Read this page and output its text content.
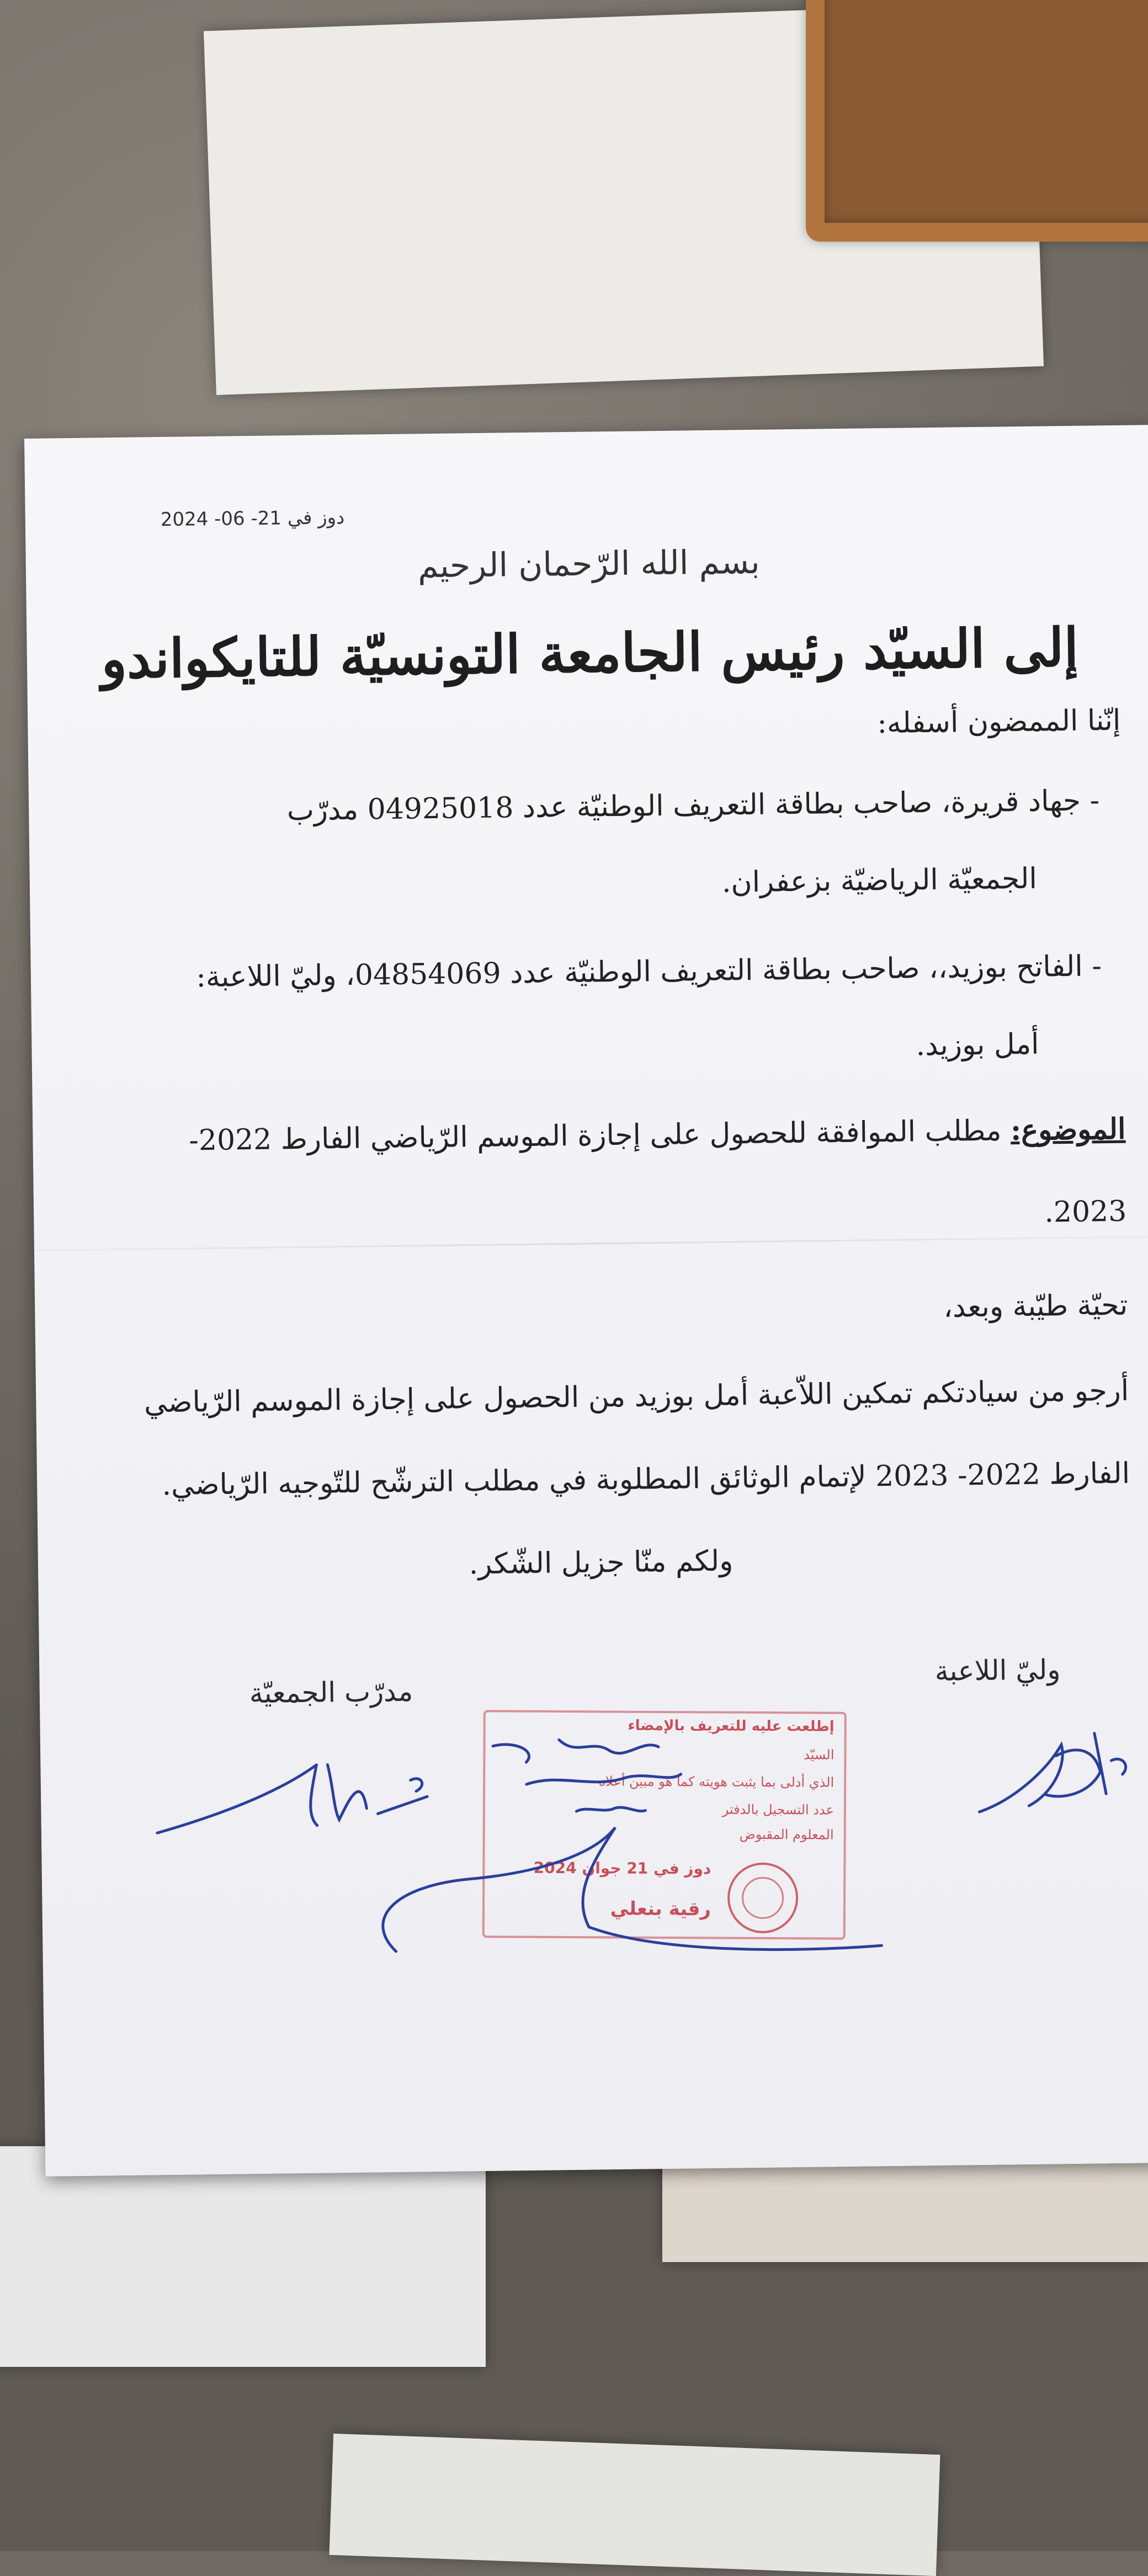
دوز في 21- 06- 2024
بسم الله الرّحمان الرحيم
إلى السيّد رئيس الجامعة التونسيّة للتايكواندو
إنّنا الممضون أسفله:
- جهاد قريرة، صاحب بطاقة التعريف الوطنيّة عدد 04925018 مدرّب
الجمعيّة الرياضيّة بزعفران.
- الفاتح بوزيد،، صاحب بطاقة التعريف الوطنيّة عدد 04854069، وليّ اللاعبة:
أمل بوزيد.
الموضوع: مطلب الموافقة للحصول على إجازة الموسم الرّياضي الفارط 2022-
2023.
تحيّة طيّبة وبعد،
أرجو من سيادتكم تمكين اللاّعبة أمل بوزيد من الحصول على إجازة الموسم الرّياضي
الفارط 2022- 2023 لإتمام الوثائق المطلوبة في مطلب الترشّح للتّوجيه الرّياضي.
ولكم منّا جزيل الشّكر.
مدرّب الجمعيّة
وليّ اللاعبة
إطلعت عليه للتعريف بالإمضاء
السيّد
الذي أدلى بما يثبت هويته كما هو مبين أعلاه
عدد التسجيل بالدفتر
المعلوم المقبوض
دوز في 21 جوان 2024
رقية بنعلي
